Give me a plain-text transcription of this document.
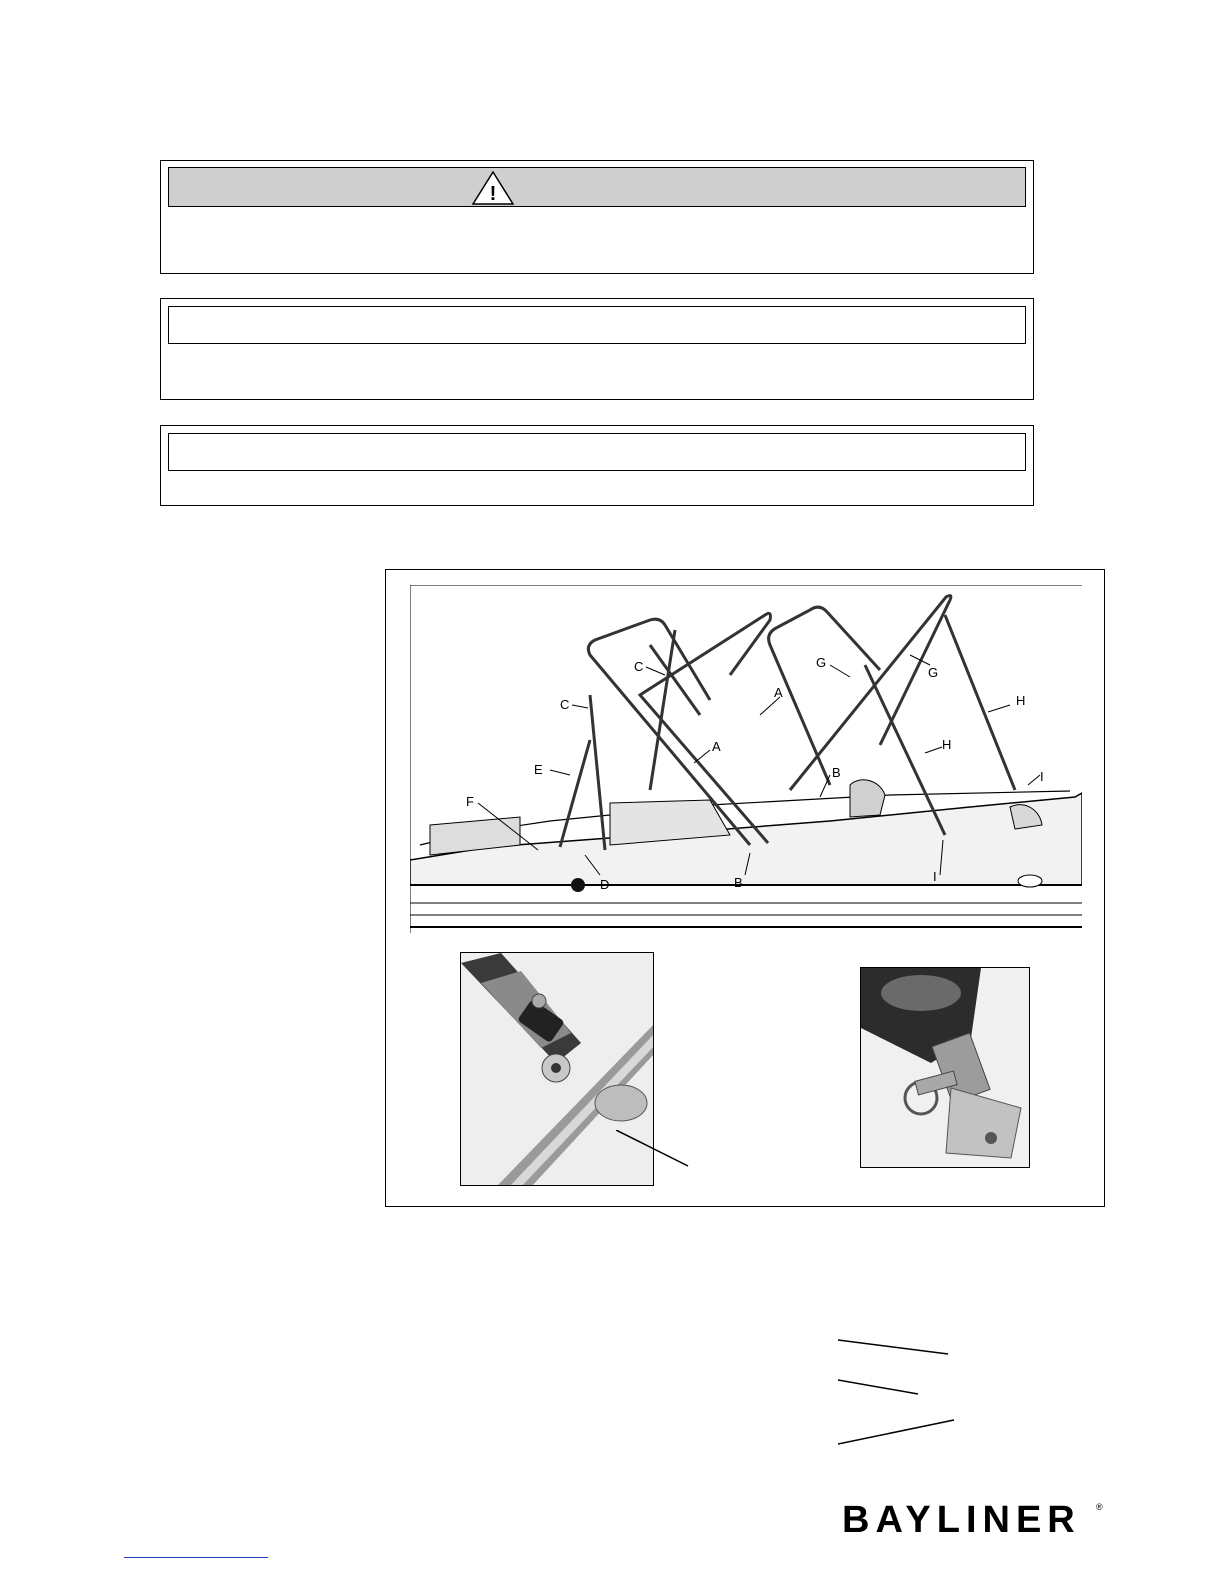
!
C
C
E
F
D
A
A
B
B
G
G
H
H
I
I
BAYLINER ®
